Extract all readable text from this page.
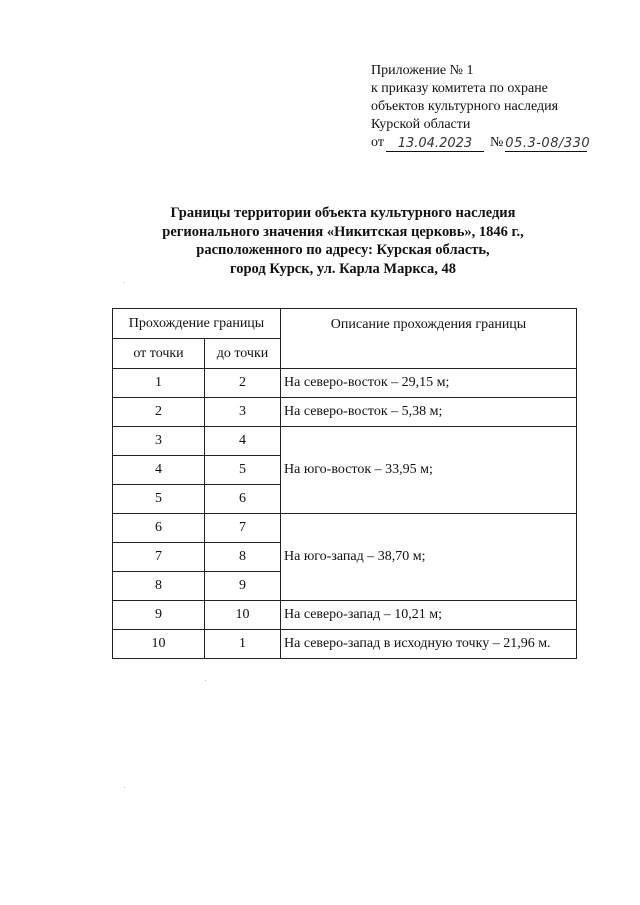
Приложение № 1
к приказу комитета по охране
объектов культурного наследия
Курской области
от	13.04.2023	№ 05.3-08/330
Границы территории объекта культурного наследия
регионального значения «Никитская церковь», 1846 г.,
расположенного по адресу: Курская область,
город Курск, ул. Карла Маркса, 48
Прохождение границы		Описание прохождения границы
от точки	до точки	
1	2	На северо-восток – 29,15 м;
2	3	На северо-восток – 5,38 м;
3	4	На юго-восток – 33,95 м;
4	5	
5	6	
6	7	На юго-запад – 38,70 м;
7	8	
8	9	
9	10	На северо-запад – 10,21 м;
10	1	На северо-запад в исходную точку – 21,96 м.
